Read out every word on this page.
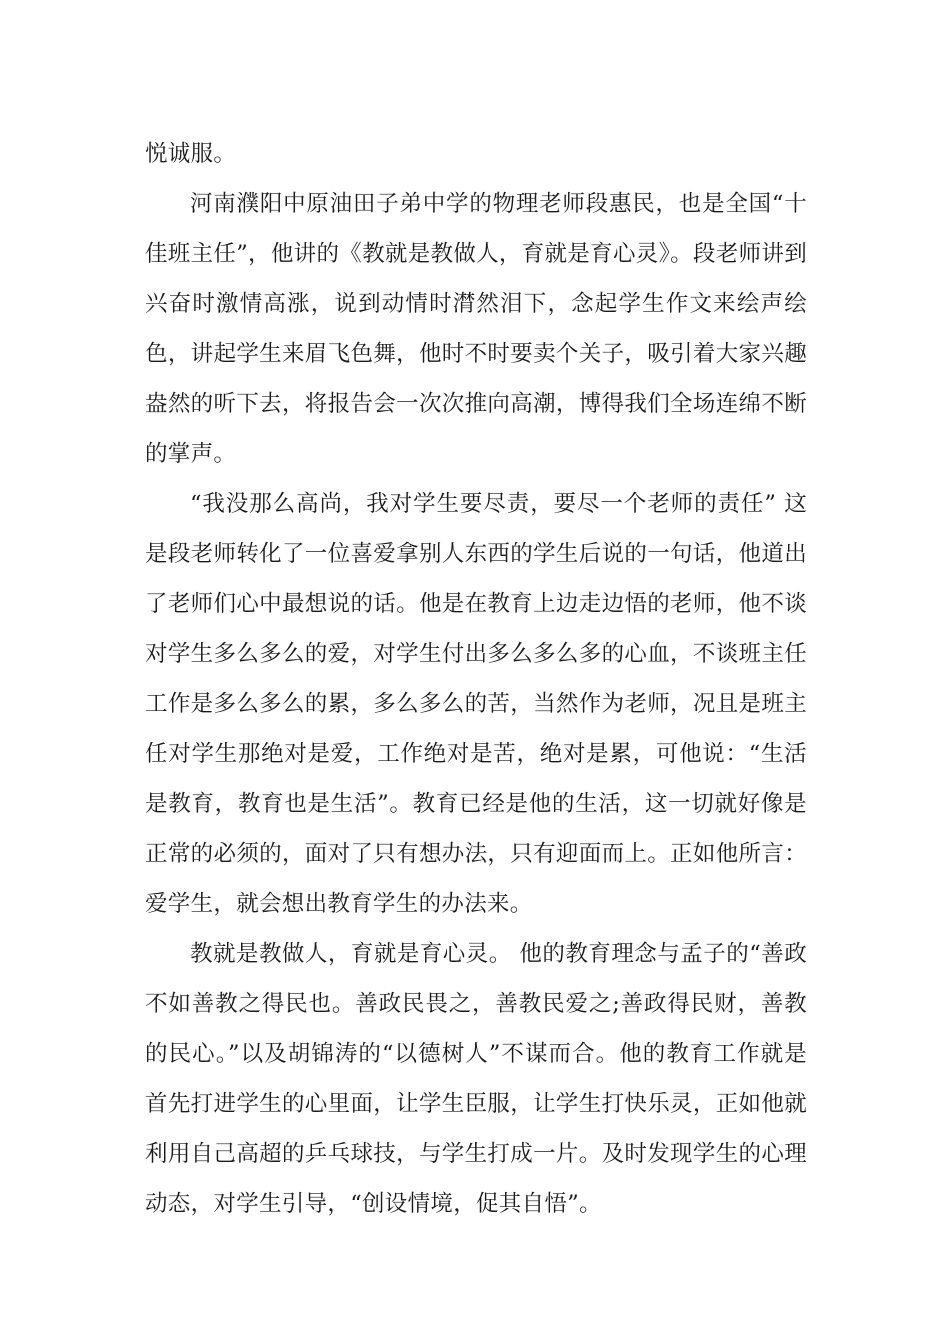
悦诚服。

河南濮阳中原油田子弟中学的物理老师段惠民，也是全国“十佳班主任”，他讲的《教就是教做人，育就是育心灵》。段老师讲到兴奋时激情高涨，说到动情时潸然泪下，念起学生作文来绘声绘色，讲起学生来眉飞色舞，他时不时要卖个关子，吸引着大家兴趣盎然的听下去，将报告会一次次推向高潮，博得我们全场连绵不断的掌声。

“我没那么高尚，我对学生要尽责，要尽一个老师的责任” 这是段老师转化了一位喜爱拿别人东西的学生后说的一句话，他道出了老师们心中最想说的话。他是在教育上边走边悟的老师，他不谈对学生多么多么的爱，对学生付出多么多么多的心血，不谈班主任工作是多么多么的累，多么多么的苦，当然作为老师，况且是班主任对学生那绝对是爱，工作绝对是苦，绝对是累，可他说：“生活是教育，教育也是生活”。教育已经是他的生活，这一切就好像是正常的必须的，面对了只有想办法，只有迎面而上。正如他所言：爱学生，就会想出教育学生的办法来。

教就是教做人，育就是育心灵。 他的教育理念与孟子的“善政不如善教之得民也。善政民畏之，善教民爱之;善政得民财，善教的民心。”以及胡锦涛的“以德树人”不谋而合。他的教育工作就是首先打进学生的心里面，让学生臣服，让学生打快乐灵，正如他就利用自己高超的乒乓球技，与学生打成一片。及时发现学生的心理动态，对学生引导，“创设情境，促其自悟”。
